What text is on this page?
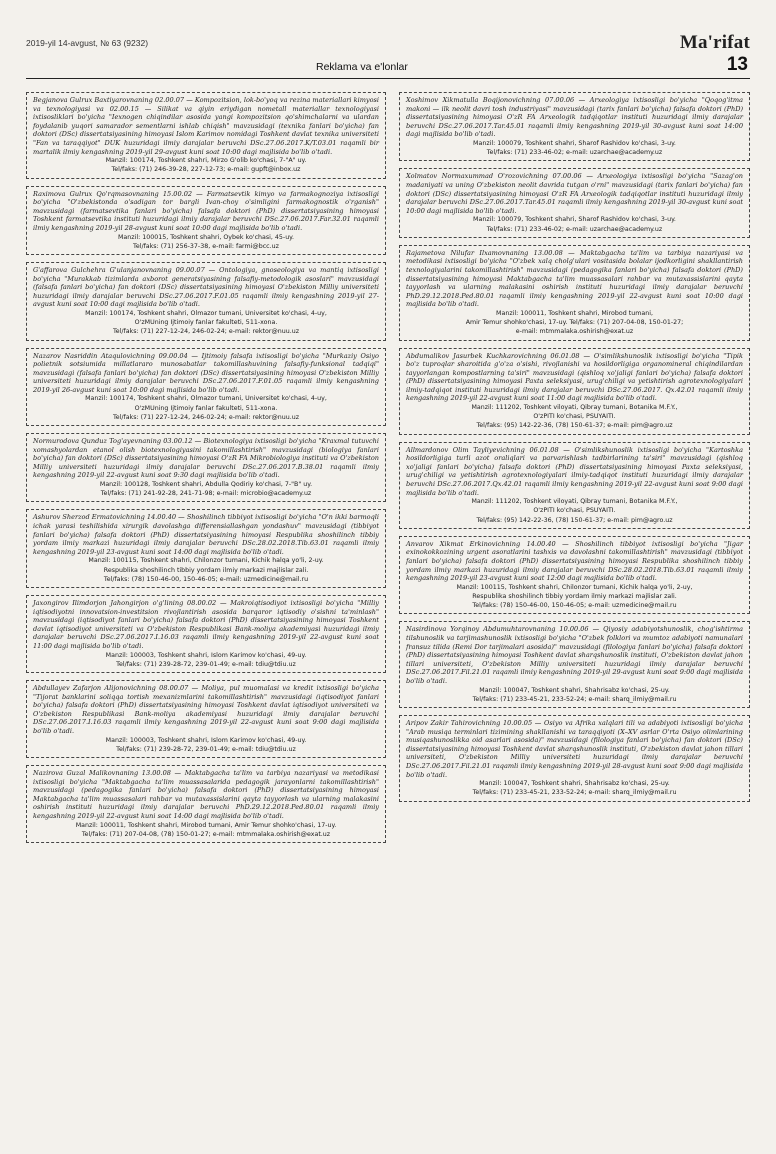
2019-yil 14-avgust, № 63 (9232)
Reklama va e'lonlar
Ma'rifat
13

Begjanova Gulrux Baxtiyarovnaning 02.00.07 — Kompozitsion, lok-bo'yoq va rezina materiallari kimyosi va texnologiyasi va 02.00.15 — Silikat va qiyin eriydigan nometall materiallar texnologiyasi ixtisosliklari bo'yicha "Iexnogen chiqindilar asosida yangi kompozitsion qo'shimchalarni va ulardan foydalanib yuqori samarador sementlarni ishlab chiqish" mavzusidagi (texnika fanlari bo'yicha) fan doktori (DSc) dissertatsiyasining himoyasi Islom Karimov nomidagi Toshkent davlat texnika universiteti "Fan va taraqqiyot" DUK huzuridagi ilmiy darajalar beruvchi DSc.27.06.2017.K/T.03.01 raqamli bir martalik ilmiy kengashning 2019-yil 29-avgust kuni soat 10:00 dagi majlisida bo'lib o'tadi.

Manzil: 100174, Toshkent shahri, Mirzo G'olib ko'chasi, 7-"A" uy.
Tel/faks: (71) 246-39-28, 227-12-73; e-mail: gupft@inbox.uz

Raximova Gulrux Qo'rqmasovnaning 15.00.02 — Farmatsevtik kimyo va farmakognoziya ixtisosligi bo'yicha "O'zbekistonda o'sadigan tor bargli Ivan-choy o'simligini farmakognostik o'rganish" mavzusidagi (farmatsevtika fanlari bo'yicha) falsafa doktori (PhD) dissertatsiyasining himoyasi Toshkent farmatsevtika instituti huzuridagi ilmiy darajalar beruvchi DSc.27.06.2017.Far.32.01 raqamli ilmiy kengashning 2019-yil 28-avgust kuni soat 10:00 dagi majlisida bo'lib o'tadi.

Manzil: 100015, Toshkent shahri, Oybek ko'chasi, 45-uy.
Tel/faks: (71) 256-37-38, e-mail: farmi@bcc.uz

G'affarova Gulchehra G'ulanjanovnaning 09.00.07 — Ontologiya, gnoseologiya va mantiq ixtisosligi bo'yicha "Murakkab tizimlarda axborot generatsiyasining falsafiy-metodologik asoslari" mavzusidagi (falsafa fanlari bo'yicha) fan doktori (DSc) dissertatsiyasining himoyasi O'zbekiston Milliy universiteti huzuridagi ilmiy darajalar beruvchi DSc.27.06.2017.F.01.05 raqamli ilmiy kengashning 2019-yil 27-avgust kuni soat 10:00 dagi majlisida bo'lib o'tadi.

Manzil: 100174, Toshkent shahri, Olmazor tumani, Universitet ko'chasi, 4-uy,
O'zMUning Ijtimoiy fanlar fakulteti, 511-xona.
Tel/faks: (71) 227-12-24, 246-02-24; e-mail: rektor@nuu.uz

Nazarov Nasriddin Ataqulovichning 09.00.04 — Ijtimoiy falsafa ixtisosligi bo'yicha "Murkaziy Osiyo polietnik sotsiumida millatlararo munosabatlar takomillashuvining falsafiy-funksional tadqiqi" mavzusidagi (falsafa fanlari bo'yicha) fan doktori (DSc) dissertatsiyasining himoyasi O'zbekiston Milliy universiteti huzuridagi ilmiy darajalar beruvchi DSc.27.06.2017.F.01.05 raqamli ilmiy kengashning 2019-yil 26-avgust kuni soat 10:00 dagi majlisida bo'lib o'tadi.

Manzil: 100174, Toshkent shahri, Olmazor tumani, Universitet ko'chasi, 4-uy,
O'zMUning Ijtimoiy fanlar fakulteti, 511-xona.
Tel/faks: (71) 227-12-24, 246-02-24; e-mail: rektor@nuu.uz

Normurodova Qunduz Tog'ayevnaning 03.00.12 — Biotexnologiya ixtisosligi bo'yicha "Kraxmal tutuvchi xomashyolardan etanol olish biotexnologiyasini takomillashtirish" mavzusidagi (biologiya fanlari bo'yicha) fan doktori (DSc) dissertatsiyasining himoyasi O'zR FA Mikrobiologiya instituti va O'zbekiston Milliy universiteti huzuridagi ilmiy darajalar beruvchi DSc.27.06.2017.B.38.01 raqamli ilmiy kengashning 2019-yil 22-avgust kuni soat 9:30 dagi majlisida bo'lib o'tadi.

Manzil: 100128, Toshkent shahri, Abdulla Qodiriy ko'chasi, 7-"B" uy.
Tel/faks: (71) 241-92-28, 241-71-98; e-mail: microbio@academy.uz

Ashurov Sherzod Ermatovichning 14.00.40 — Shoshilinch tibbiyot ixtisosligi bo'yicha "O'n ikki barmoqli ichak yarasi teshilishida xirurgik davolashga differensiallashgan yondashuv" mavzusidagi (tibbiyot fanlari bo'yicha) falsafa doktori (PhD) dissertatsiyasining himoyasi Respublika shoshilinch tibbiy yordam ilmiy markazi huzuridagi ilmiy darajalar beruvchi DSc.28.02.2018.Tib.63.01 raqamli ilmiy kengashning 2019-yil 23-avgust kuni soat 14:00 dagi majlisida bo'lib o'tadi.

Manzil: 100115, Toshkent shahri, Chilonzor tumani, Kichik halqa yo'li, 2-uy.
Respublika shoshilinch tibbiy yordam ilmiy markazi majlislar zali.
Tel/faks: (78) 150-46-00, 150-46-05; e-mail: uzmedicine@mail.ru

Jaxongirov Ilimdorjon Jahongirjon o'g'lining 08.00.02 — Makroiqtisodiyot ixtisosligi bo'yicha "Milliy iqtisodiyotni innovatsion-investitsion rivojlantirish asosida barqaror iqtisodiy o'sishni ta'minlash" mavzusidagi (iqtisodiyot fanlari bo'yicha) falsafa doktori (PhD) dissertatsiyasining himoyasi Toshkent davlat iqtisodiyot universiteti va O'zbekiston Respublikasi Bank-moliya akademiyasi huzuridagi ilmiy darajalar beruvchi DSc.27.06.2017.I.16.03 raqamli ilmiy kengashning 2019-yil 22-avgust kuni soat 11:00 dagi majlisida bo'lib o'tadi.

Manzil: 100003, Toshkent shahri, Islom Karimov ko'chasi, 49-uy.
Tel/faks: (71) 239-28-72, 239-01-49; e-mail: tdiu@tdiu.uz

Abdullayev Zafarjon Alijonovichning 08.00.07 — Moliya, pul muomalasi va kredit ixtisosligi bo'yicha "Tijorat banklarini soliqqa tortish mexanizmlarini takomillashtirish" mavzusidagi (iqtisodiyot fanlari bo'yicha) falsafa doktori (PhD) dissertatsiyasining himoyasi Toshkent davlat iqtisodiyot universiteti va O'zbekiston Respublikasi Bank-moliya akademiyasi huzuridagi ilmiy darajalar beruvchi DSc.27.06.2017.I.16.03 raqamli ilmiy kengashning 2019-yil 22-avgust kuni soat 9:00 dagi majlisida bo'lib o'tadi.

Manzil: 100003, Toshkent shahri, Islom Karimov ko'chasi, 49-uy.
Tel/faks: (71) 239-28-72, 239-01-49; e-mail: tdiu@tdiu.uz

Nazirova Guzal Malikovnaning 13.00.08 — Maktabgacha ta'lim va tarbiya nazariyasi va metodikasi ixtisosligi bo'yicha "Maktabgacha ta'lim muassasalarida pedagogik jarayonlarni takomillashtirish" mavzusidagi (pedagogika fanlari bo'yicha) falsafa doktori (PhD) dissertatsiyasining himoyasi Maktabgacha ta'lim muassasalari rahbar va mutaxassislarini qayta tayyorlash va ularning malakasini oshirish instituti huzuridagi ilmiy darajalar beruvchi PhD.29.12.2018.Ped.80.01 raqamli ilmiy kengashning 2019-yil 22-avgust kuni soat 14:00 dagi majlisida bo'lib o'tadi.

Manzil: 100011, Toshkent shahri, Mirobod tumani, Amir Temur shohko'chasi, 17-uy.
Tel/faks: (71) 207-04-08, (78) 150-01-27; e-mail: mtmmalaka.oshirish@exat.uz

Xoshimov Xikmatulla Boqijonovichning 07.00.06 — Arxeologiya ixtisosligi bo'yicha "Qoqog'itma makoni — ilk neolit davri tosh industriyasi" mavzusidagi (tarix fanlari bo'yicha) falsafa doktori (PhD) dissertatsiyasining himoyasi O'zR FA Arxeologik tadqiqotlar instituti huzuridagi ilmiy darajalar beruvchi DSc.27.06.2017.Tar.45.01 raqamli ilmiy kengashning 2019-yil 30-avgust kuni soat 14:00 dagi majlisida bo'lib o'tadi.

Manzil: 100079, Toshkent shahri, Sharof Rashidov ko'chasi, 3-uy.
Tel/faks: (71) 233-46-02; e-mail: uzarchae@academy.uz

Xolmatov Normaxummad O'rozovichning 07.00.06 — Arxeologiya ixtisosligi bo'yicha "Sazag'on madaniyati va uning O'zbekiston neolit davrida tutgan o'rni" mavzusidagi (tarix fanlari bo'yicha) fan doktori (DSc) dissertatsiyasining himoyasi O'zR FA Arxeologik tadqiqotlar instituti huzuridagi ilmiy darajalar beruvchi DSc.27.06.2017.Tar.45.01 raqamli ilmiy kengashning 2019-yil 30-avgust kuni soat 10:00 dagi majlisida bo'lib o'tadi.

Manzil: 100079, Toshkent shahri, Sharof Rashidov ko'chasi, 3-uy.
Tel/faks: (71) 233-46-02; e-mail: uzarchae@academy.uz

Rajametova Nilufar Ilxamovnaning 13.00.08 — Maktabgacha ta'lim va tarbiya nazariyasi va metodikasi ixtisosligi bo'yicha "O'zbek xalq cholg'ulari vositasida bolalar ijodkorligini shakllantirish texnologiyalarini takomillashtirish" mavzusidagi (pedagogika fanlari bo'yicha) falsafa doktori (PhD) dissertatsiyasining himoyasi Maktabgacha ta'lim muassasalari rahbar va mutaxassislarini qayta tayyorlash va ularning malakasini oshirish instituti huzuridagi ilmiy darajalar beruvchi PhD.29.12.2018.Ped.80.01 raqamli ilmiy kengashning 2019-yil 22-avgust kuni soat 10:00 dagi majlisida bo'lib o'tadi.

Manzil: 100011, Toshkent shahri, Mirobod tumani,
Amir Temur shohko'chasi, 17-uy. Tel/faks: (71) 207-04-08, 150-01-27;
e-mail: mtmmalaka.oshirish@exat.uz

Abdumalikov Jasurbek Kuchkarovichning 06.01.08 — O'simlikshunoslik ixtisosligi bo'yicha "Tipik bo'z tuproqlar sharoitida g'o'za o'sishi, rivojlanishi va hosildorligiga organomineral chiqindilardan tayyorlangan kompostlarning ta'siri" mavzusidagi (qishloq xo'jaligi fanlari bo'yicha) falsafa doktori (PhD) dissertatsiyasining himoyasi Paxta seleksiyasi, urug'chiligi va yetishtirish agrotexnologiyalari ilmiy-tadqiqot instituti huzuridagi ilmiy darajalar beruvchi DSc.27.06.2017. Qx.42.01 raqamli ilmiy kengashning 2019-yil 22-avgust kuni soat 11:00 dagi majlisida bo'lib o'tadi.

Manzil: 111202, Toshkent viloyati, Qibray tumani, Botanika M.F.Y.,
O'zPITI ko'chasi, PSUYAITI.
Tel/faks: (95) 142-22-36, (78) 150-61-37; e-mail: pim@agro.uz

Allmardonov Olim Tayliyevichning 06.01.08 — O'simlikshunoslik ixtisosligi bo'yicha "Kartoshka hosildorligiga turli azot oraliqlari va parvarishlash tadbirlarining ta'siri" mavzusidagi (qishloq xo'jaligi fanlari bo'yicha) falsafa doktori (PhD) dissertatsiyasining himoyasi Paxta seleksiyasi, urug'chiligi va yetishtirish agrotexnologiyalari ilmiy-tadqiqot instituti huzuridagi ilmiy darajalar beruvchi DSc.27.06.2017.Qx.42.01 raqamli ilmiy kengashning 2019-yil 22-avgust kuni soat 9:00 dagi majlisida bo'lib o'tadi.

Manzil: 111202, Toshkent viloyati, Qibray tumani, Botanika M.F.Y.,
O'zPITI ko'chasi, PSUYAITI.
Tel/faks: (95) 142-22-36, (78) 150-61-37; e-mail: pim@agro.uz

Anvarov Xikmat Erkinovichning 14.00.40 — Shoshilinch tibbiyot ixtisosligi bo'yicha "Jigar exinokokkozining urgent asoratlarini tashxis va davolashni takomillashtirish" mavzusidagi (tibbiyot fanlari bo'yicha) falsafa doktori (PhD) dissertatsiyasining himoyasi Respublika shoshilinch tibbiy yordam ilmiy markazi huzuridagi ilmiy darajalar beruvchi DSc.28.02.2018.Tib.63.01 raqamli ilmiy kengashning 2019-yil 23-avgust kuni soat 12:00 dagi majlisida bo'lib o'tadi.

Manzil: 100115, Toshkent shahri, Chilonzor tumani, Kichik halqa yo'li, 2-uy,
Respublika shoshilinch tibbiy yordam ilmiy markazi majlislar zali.
Tel/faks: (78) 150-46-00, 150-46-05; e-mail: uzmedicine@mail.ru

Nasirdinova Yorqinoy Abdumuhtarovnaning 10.00.06 — Qiyosiy adabiyotshunoslik, chog'ishtirma tilshunoslik va tarjimashunoslik ixtisosligi bo'yicha "O'zbek folklori va mumtoz adabiyoti namunalari fransuz tilida (Remi Dor tarjimalari asosida)" mavzusidagi (filologiya fanlari bo'yicha) falsafa doktori (PhD) dissertatsiyasining himoyasi Toshkent davlat sharqshunoslik instituti, O'zbekiston davlat jahon tillari universiteti, O'zbekiston Milliy universiteti huzuridagi ilmiy darajalar beruvchi DSc.27.06.2017.Fil.21.01 raqamli ilmiy kengashning 2019-yil 29-avgust kuni soat 9:00 dagi majlisida bo'lib o'tadi.

Manzil: 100047, Toshkent shahri, Shahrisabz ko'chasi, 25-uy.
Tel/faks: (71) 233-45-21, 233-52-24; e-mail: sharq_ilmiy@mail.ru

Aripov Zakir Tahirovichning 10.00.05 — Osiyo va Afrika xalqlari tili va adabiyoti ixtisosligi bo'yicha "Arab musiqa terminlari tizimining shakllanishi va taraqqiyoti (X–XV asrlar O'rta Osiyo olimlarining musiqashunoslikka oid asarlari asosida)" mavzusidagi (filologiya fanlari bo'yicha) fan doktori (DSc) dissertatsiyasining himoyasi Toshkent davlat sharqshunoslik instituti, O'zbekiston davlat jahon tillari universiteti, O'zbekiston Milliy universiteti huzuridagi ilmiy darajalar beruvchi DSc.27.06.2017.Fil.21.01 raqamli ilmiy kengashning 2019-yil 28-avgust kuni soat 9:00 dagi majlisida bo'lib o'tadi.

Manzil: 100047, Toshkent shahri, Shahrisabz ko'chasi, 25-uy.
Tel/faks: (71) 233-45-21, 233-52-24; e-mail: sharq_ilmiy@mail.ru
